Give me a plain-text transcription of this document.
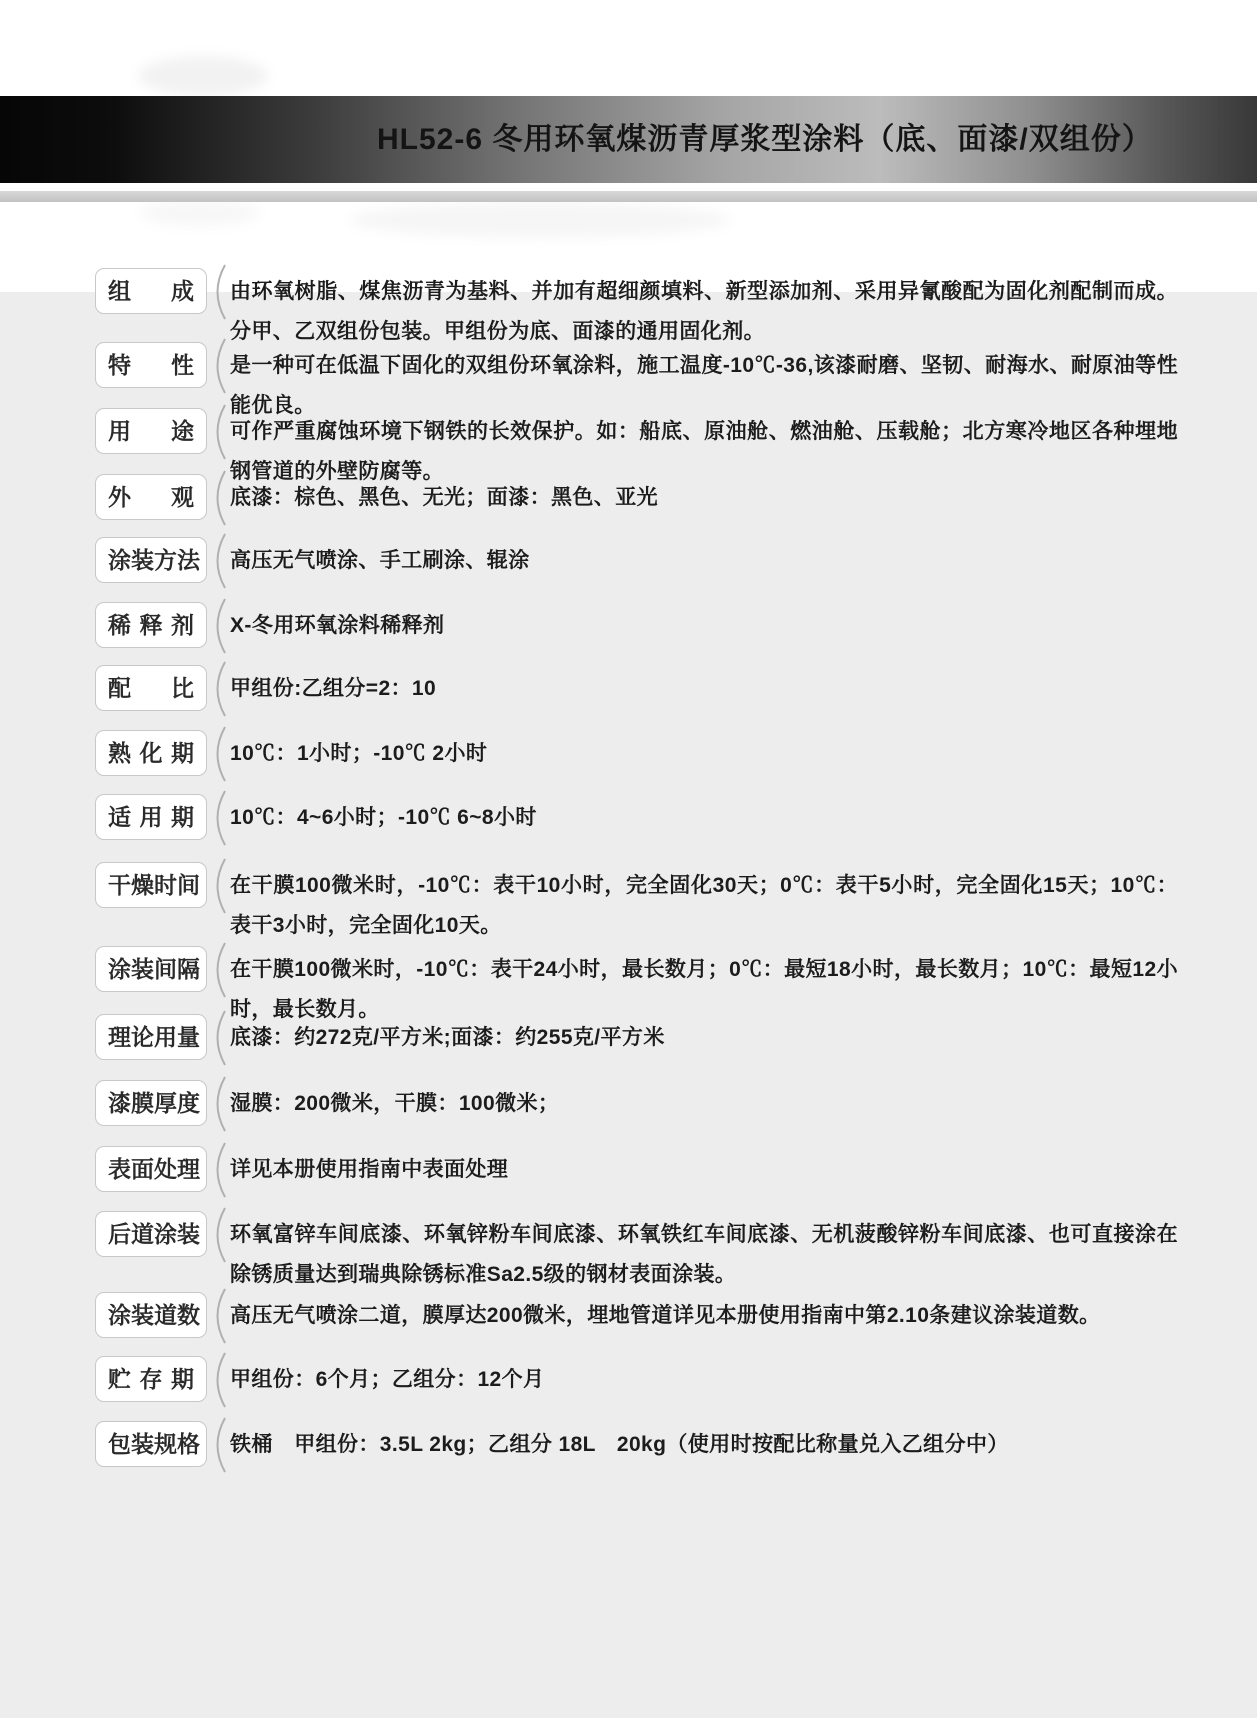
HL52-6 冬用环氧煤沥青厚浆型涂料（底、面漆/双组份）
组成 由环氧树脂、煤焦沥青为基料、并加有超细颜填料、新型添加剂、采用异氰酸配为固化剂配制而成。分甲、乙双组份包装。甲组份为底、面漆的通用固化剂。
特性 是一种可在低温下固化的双组份环氧涂料，施工温度-10℃-36,该漆耐磨、坚韧、耐海水、耐原油等性能优良。
用途 可作严重腐蚀环境下钢铁的长效保护。如：船底、原油舱、燃油舱、压载舱；北方寒冷地区各种埋地钢管道的外壁防腐等。
外观 底漆：棕色、黑色、无光；面漆：黑色、亚光
涂装方法 高压无气喷涂、手工刷涂、辊涂
稀释剂 X-冬用环氧涂料稀释剂
配比 甲组份:乙组分=2：10
熟化期 10℃：1小时；-10℃ 2小时
适用期 10℃：4~6小时；-10℃ 6~8小时
干燥时间 在干膜100微米时，-10℃：表干10小时，完全固化30天；0℃：表干5小时，完全固化15天；10℃：表干3小时，完全固化10天。
涂装间隔 在干膜100微米时，-10℃：表干24小时，最长数月；0℃：最短18小时，最长数月；10℃：最短12小时，最长数月。
理论用量 底漆：约272克/平方米;面漆：约255克/平方米
漆膜厚度 湿膜：200微米，干膜：100微米；
表面处理 详见本册使用指南中表面处理
后道涂装 环氧富锌车间底漆、环氧锌粉车间底漆、环氧铁红车间底漆、无机菠酸锌粉车间底漆、也可直接涂在除锈质量达到瑞典除锈标准Sa2.5级的钢材表面涂装。
涂装道数 高压无气喷涂二道，膜厚达200微米，埋地管道详见本册使用指南中第2.10条建议涂装道数。
贮存期 甲组份：6个月；乙组分：12个月
包装规格 铁桶　甲组份：3.5L 2kg；乙组分 18L　20kg（使用时按配比称量兑入乙组分中）
